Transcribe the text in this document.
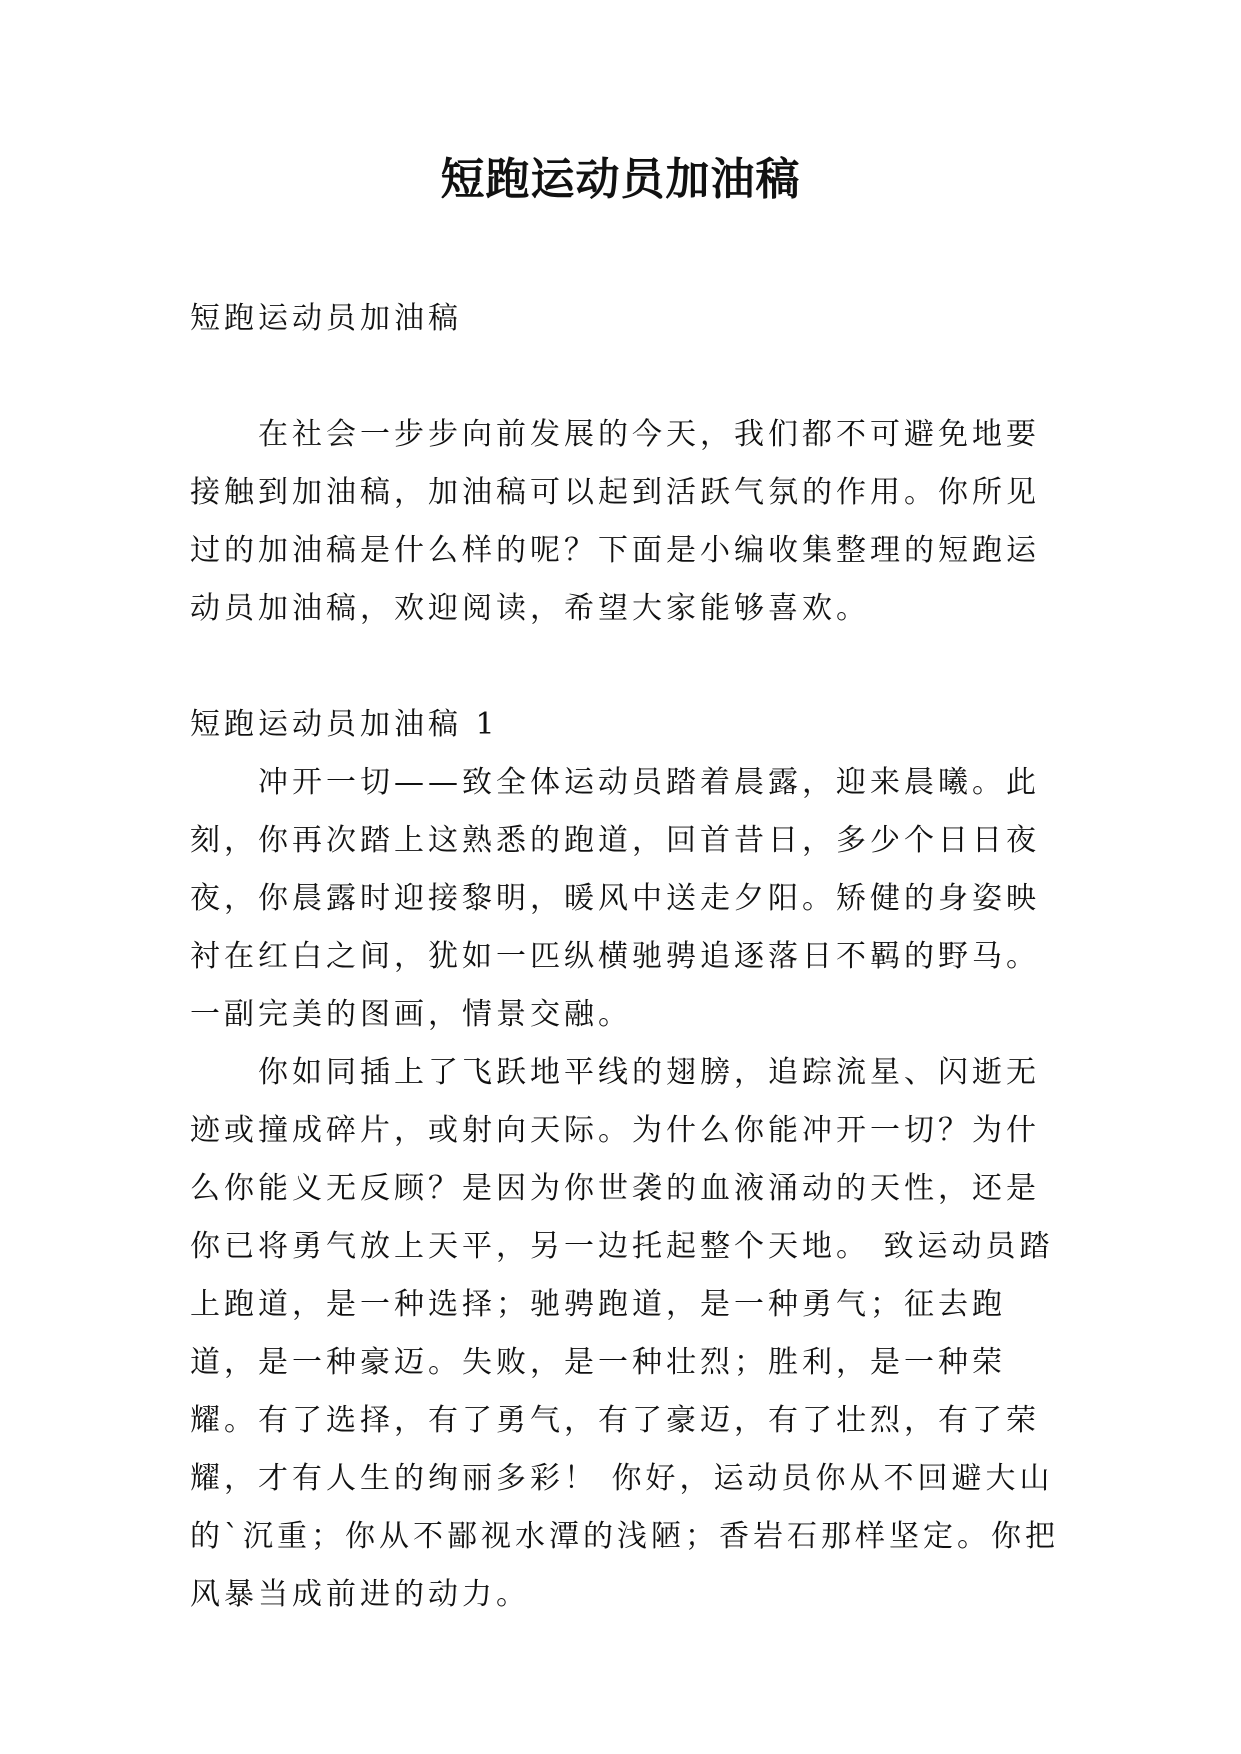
短跑运动员加油稿

短跑运动员加油稿

在社会一步步向前发展的今天，我们都不可避免地要接触到加油稿，加油稿可以起到活跃气氛的作用。你所见过的加油稿是什么样的呢？下面是小编收集整理的短跑运动员加油稿，欢迎阅读，希望大家能够喜欢。

短跑运动员加油稿 1

冲开一切——致全体运动员踏着晨露，迎来晨曦。此刻，你再次踏上这熟悉的跑道，回首昔日，多少个日日夜夜，你晨露时迎接黎明，暖风中送走夕阳。矫健的身姿映衬在红白之间，犹如一匹纵横驰骋追逐落日不羁的野马。一副完美的图画，情景交融。

你如同插上了飞跃地平线的翅膀，追踪流星、闪逝无迹或撞成碎片，或射向天际。为什么你能冲开一切？为什么你能义无反顾？是因为你世袭的血液涌动的天性，还是你已将勇气放上天平，另一边托起整个天地。 致运动员踏上跑道，是一种选择；驰骋跑道，是一种勇气；征去跑道，是一种豪迈。失败，是一种壮烈；胜利，是一种荣耀。有了选择，有了勇气，有了豪迈，有了壮烈，有了荣耀，才有人生的绚丽多彩！ 你好，运动员你从不回避大山的`沉重；你从不鄙视水潭的浅陋；香岩石那样坚定。你把风暴当成前进的动力。
